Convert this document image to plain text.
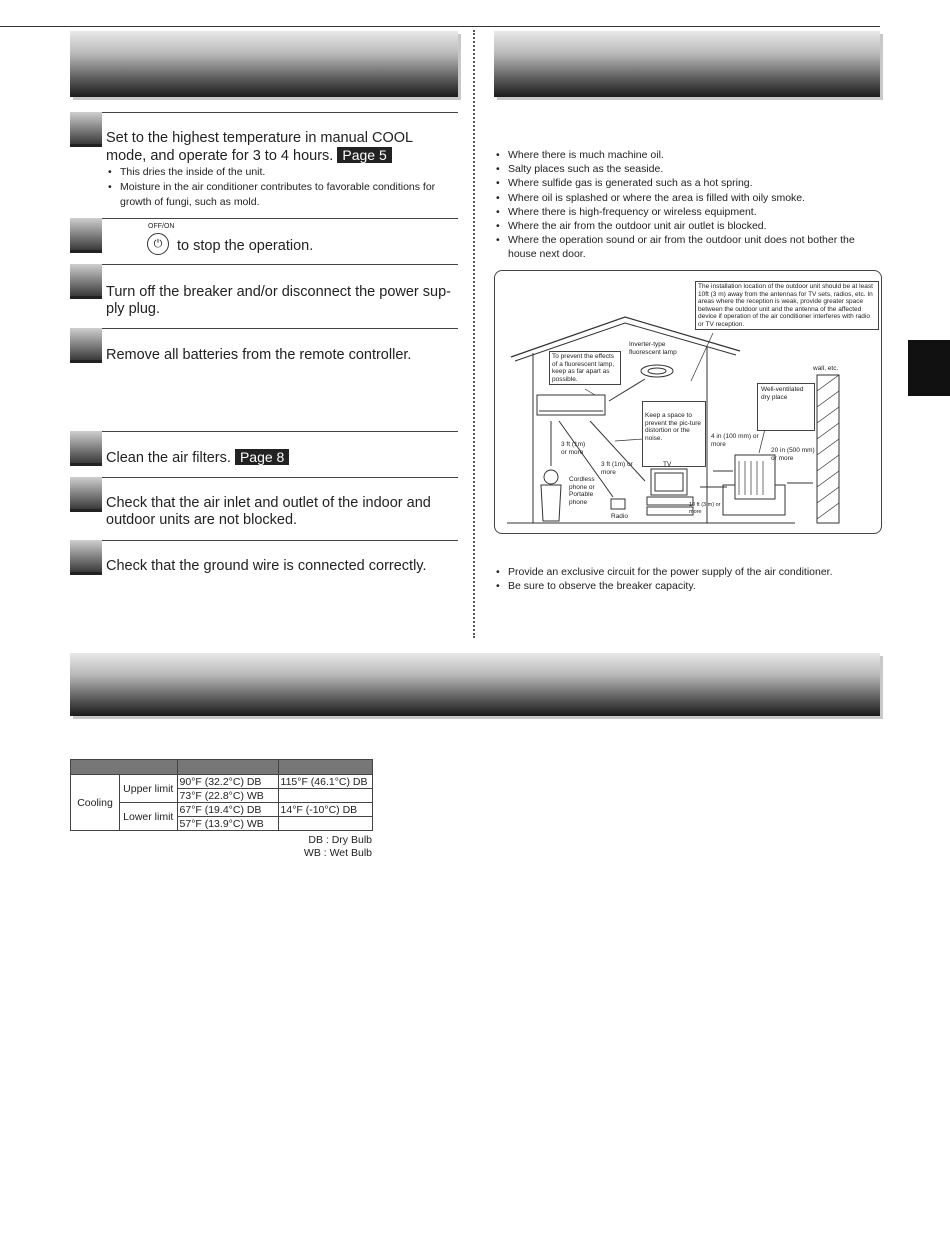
Set to the highest temperature in manual COOL mode, and operate for 3 to 4 hours. Page 5
• This dries the inside of the unit.
• Moisture in the air conditioner contributes to favorable conditions for growth of fungi, such as mold.
OFF/ON
⏻	to stop the operation.
Turn off the breaker and/or disconnect the power sup-ply plug.
Remove all batteries from the remote controller.
Clean the air filters. Page 8
Check that the air inlet and outlet of the indoor and outdoor units are not blocked.
Check that the ground wire is connected correctly.
• Where there is much machine oil.
• Salty places such as the seaside.
• Where sulfide gas is generated such as a hot spring.
• Where oil is splashed or where the area is filled with oily smoke.
• Where there is high-frequency or wireless equipment.
• Where the air from the outdoor unit air outlet is blocked.
• Where the operation sound or air from the outdoor unit does not bother the house next door.
The installation location of the outdoor unit should be at least 10ft (3 m) away from the antennas for TV sets, radios, etc. In areas where the reception is weak, provide greater space between the outdoor unit and the antenna of the affected device if operation of the air conditioner interferes with radio or TV reception.
To prevent the effects of a fluorescent lamp, keep as far apart as possible.
Inverter-type fluorescent lamp
wall, etc.
Well-ventilated dry place
Keep a space to prevent the pic-ture distortion or the noise.	4 in (100 mm) or more
20 in (500 mm) or more
3 ft (1m) or more
3 ft (1m) or more
10 ft (3 m) or more
TV
Cordless phone or Portable phone
Radio
• Provide an exclusive circuit for the power supply of the air conditioner.
• Be sure to observe the breaker capacity.

Cooling	Upper limit	90°F (32.2°C) DB	115°F (46.1°C) DB
		73°F (22.8°C) WB	
	Lower limit	67°F (19.4°C) DB	14°F (-10°C) DB
		57°F (13.9°C) WB	
DB : Dry Bulb
WB : Wet Bulb
